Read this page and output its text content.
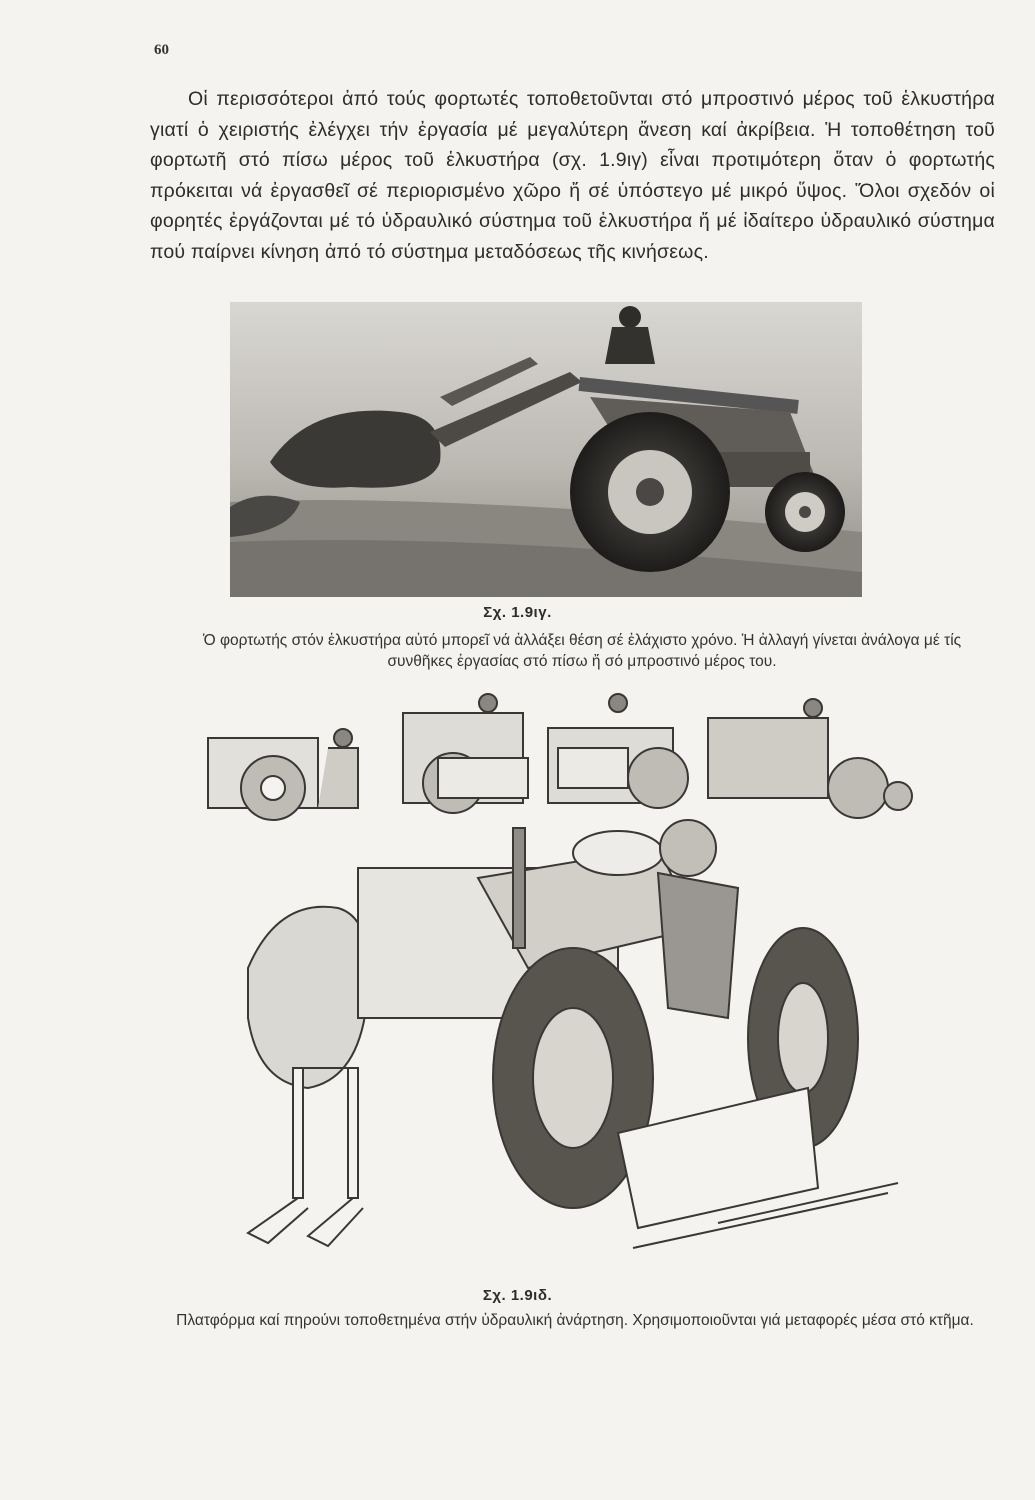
60

Οἱ περισσότεροι ἀπό τούς φορτωτές τοποθετοῦνται στό μπροστινό μέρος τοῦ ἑλκυστήρα γιατί ὁ χειριστής ἐλέγχει τήν ἐργασία μέ μεγαλύτερη ἄνεση καί ἀκρίβεια. Ἡ τοποθέτηση τοῦ φορτωτῆ στό πίσω μέρος τοῦ ἑλκυστήρα (σχ. 1.9ιγ) εἶναι προτιμότερη ὅταν ὁ φορτωτής πρόκειται νά ἐργασθεῖ σέ περιορισμένο χῶρο ἤ σέ ὑπόστεγο μέ μικρό ὕψος. Ὅλοι σχεδόν οἱ φορητές ἐργάζονται μέ τό ὑδραυλικό σύστημα τοῦ ἑλκυστήρα ἤ μέ ἰδαίτερο ὑδραυλικό σύστημα πού παίρνει κίνηση ἀπό τό σύστημα μεταδόσεως τῆς κινήσεως.

Σχ. 1.9ιγ.
Ὁ φορτωτής στόν ἑλκυστήρα αὐτό μπορεῖ νά ἀλλάξει θέση σέ ἐλάχιστο χρόνο. Ἡ ἀλλαγή γίνεται ἀνάλογα μέ τίς συνθῆκες ἐργασίας στό πίσω ἤ σό μπροστινό μέρος του.
Σχ. 1.9ιδ.
Πλατφόρμα καί πηρούνι τοποθετημένα στήν ὑδραυλική ἀνάρτηση. Χρησιμοποιοῦνται γιά μεταφορές μέσα στό κτῆμα.
